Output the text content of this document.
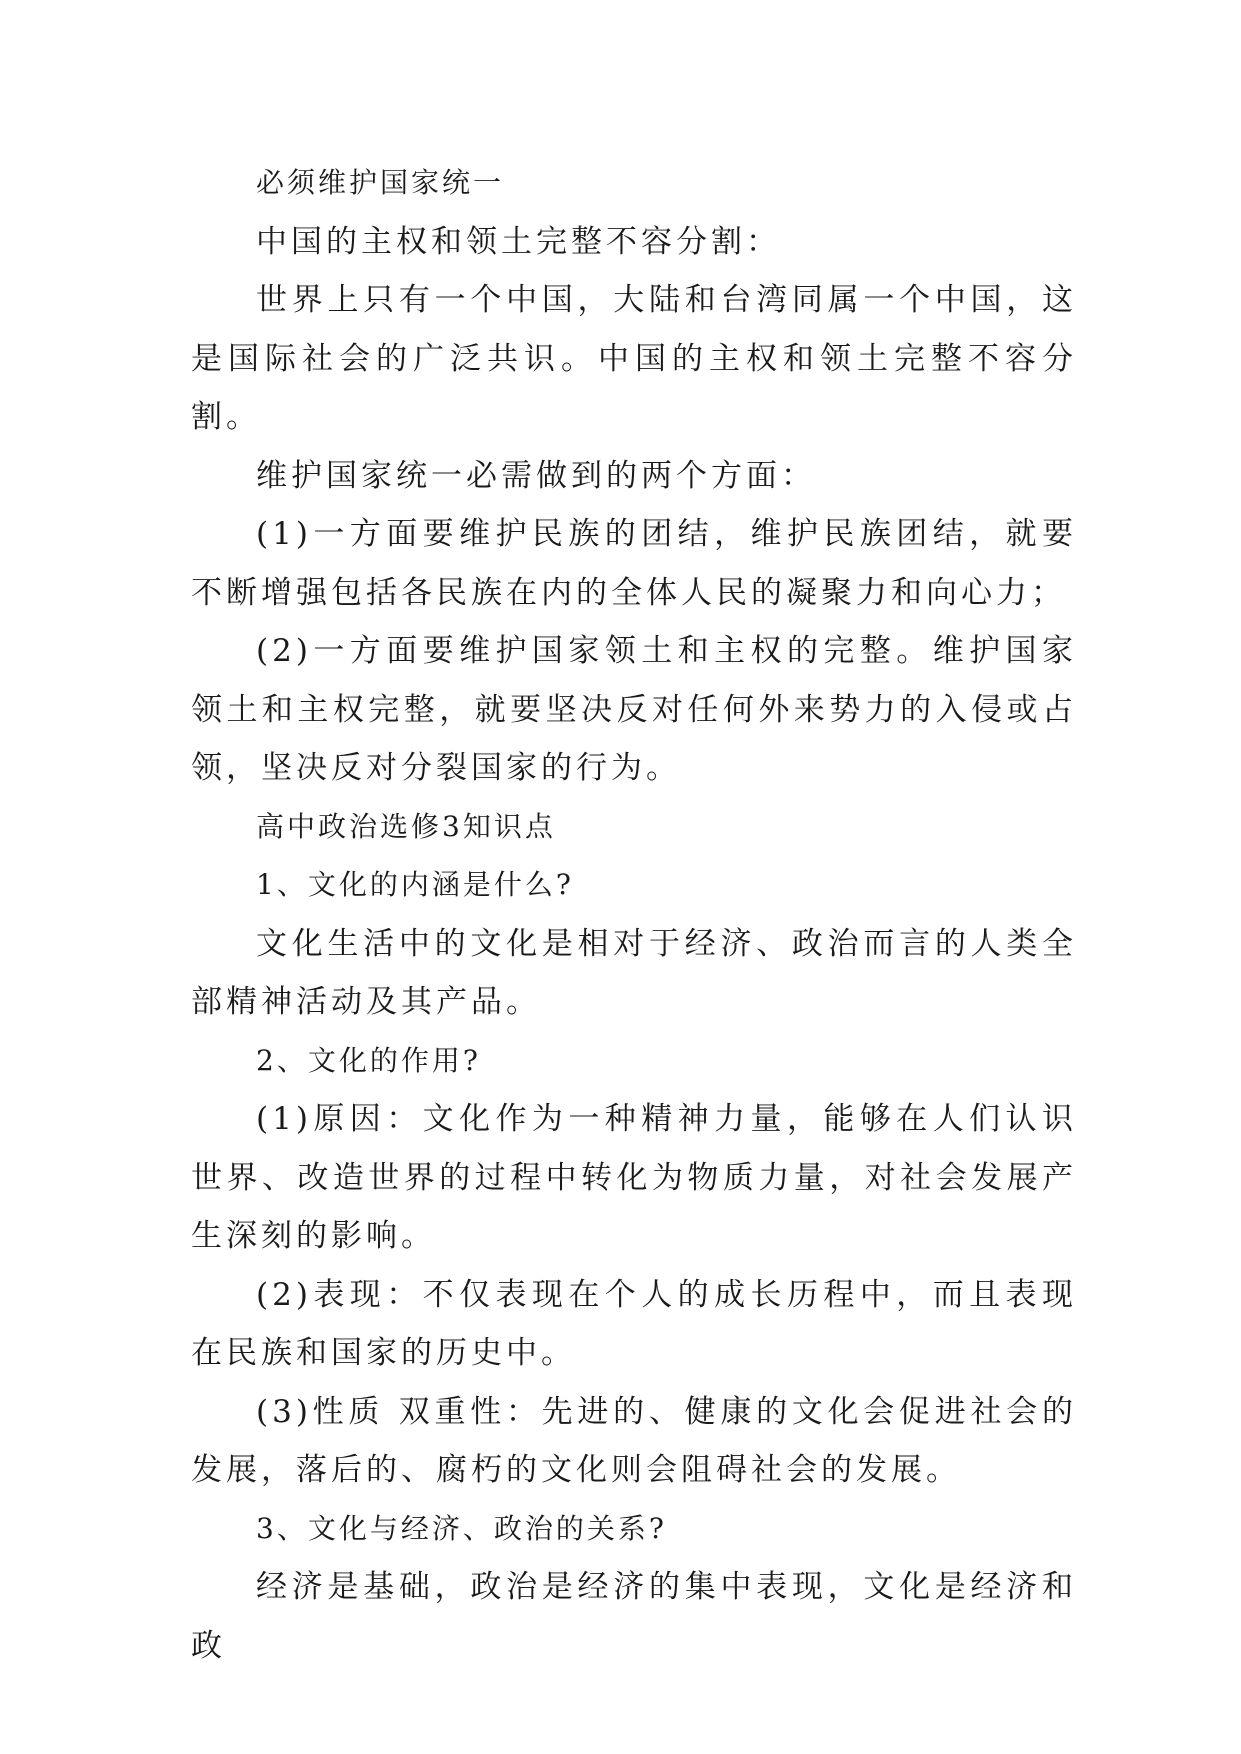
必须维护国家统一

中国的主权和领土完整不容分割：

世界上只有一个中国，大陆和台湾同属一个中国，这是国际社会的广泛共识。中国的主权和领土完整不容分割。

维护国家统一必需做到的两个方面：

(1)一方面要维护民族的团结，维护民族团结，就要不断增强包括各民族在内的全体人民的凝聚力和向心力；

(2)一方面要维护国家领土和主权的完整。维护国家领土和主权完整，就要坚决反对任何外来势力的入侵或占领，坚决反对分裂国家的行为。

高中政治选修3知识点

1、文化的内涵是什么?

文化生活中的文化是相对于经济、政治而言的人类全部精神活动及其产品。

2、文化的作用?

(1)原因：文化作为一种精神力量，能够在人们认识世界、改造世界的过程中转化为物质力量，对社会发展产生深刻的影响。

(2)表现：不仅表现在个人的成长历程中，而且表现在民族和国家的历史中。

(3)性质 双重性：先进的、健康的文化会促进社会的发展，落后的、腐朽的文化则会阻碍社会的发展。

3、文化与经济、政治的关系?

经济是基础，政治是经济的集中表现，文化是经济和政
